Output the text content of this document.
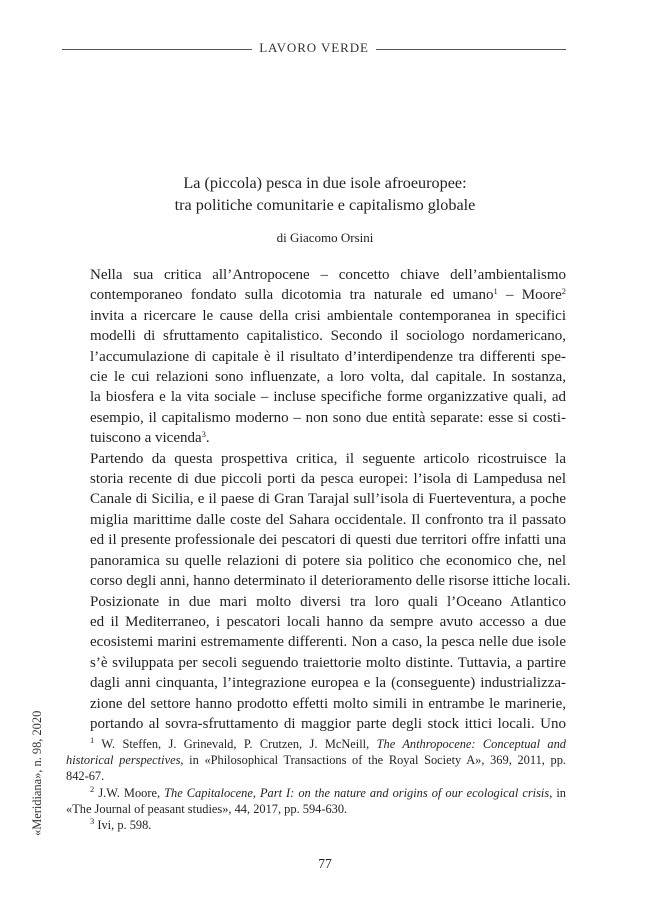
LAVORO VERDE
La (piccola) pesca in due isole afroeuropee:
tra politiche comunitarie e capitalismo globale
di Giacomo Orsini

Nella sua critica all’Antropocene – concetto chiave dell’ambientalismo
contemporaneo fondato sulla dicotomia tra naturale ed umano$^1$ – Moore$^2$
invita a ricercare le cause della crisi ambientale contemporanea in specifici
modelli di sfruttamento capitalistico. Secondo il sociologo nordamericano,
l’accumulazione di capitale è il risultato d’interdipendenze tra differenti spe-
cie le cui relazioni sono influenzate, a loro volta, dal capitale. In sostanza,
la biosfera e la vita sociale – incluse specifiche forme organizzative quali, ad
esempio, il capitalismo moderno – non sono due entità separate: esse si costi-
tuiscono a vicenda$^3$.

Partendo da questa prospettiva critica, il seguente articolo ricostruisce la
storia recente di due piccoli porti da pesca europei: l’isola di Lampedusa nel
Canale di Sicilia, e il paese di Gran Tarajal sull’isola di Fuerteventura, a poche
miglia marittime dalle coste del Sahara occidentale. Il confronto tra il passato
ed il presente professionale dei pescatori di questi due territori offre infatti una
panoramica su quelle relazioni di potere sia politico che economico che, nel
corso degli anni, hanno determinato il deterioramento delle risorse ittiche locali.

Posizionate in due mari molto diversi tra loro quali l’Oceano Atlantico
ed il Mediterraneo, i pescatori locali hanno da sempre avuto accesso a due
ecosistemi marini estremamente differenti. Non a caso, la pesca nelle due isole
s’è sviluppata per secoli seguendo traiettorie molto distinte. Tuttavia, a partire
dagli anni cinquanta, l’integrazione europea e la (conseguente) industrializza-
zione del settore hanno prodotto effetti molto simili in entrambe le marinerie,
portando al sovra-sfruttamento di maggior parte degli stock ittici locali. Uno

$^1$ W. Steffen, J. Grinevald, P. Crutzen, J. McNeill, The Anthropocene: Conceptual and
historical perspectives, in «Philosophical Transactions of the Royal Society A», 369, 2011, pp.
842-67.
$^2$ J.W. Moore, The Capitalocene, Part I: on the nature and origins of our ecological crisis, in
«The Journal of peasant studies», 44, 2017, pp. 594-630.
$^3$ Ivi, p. 598.
«Meridiana», n. 98, 2020
77
